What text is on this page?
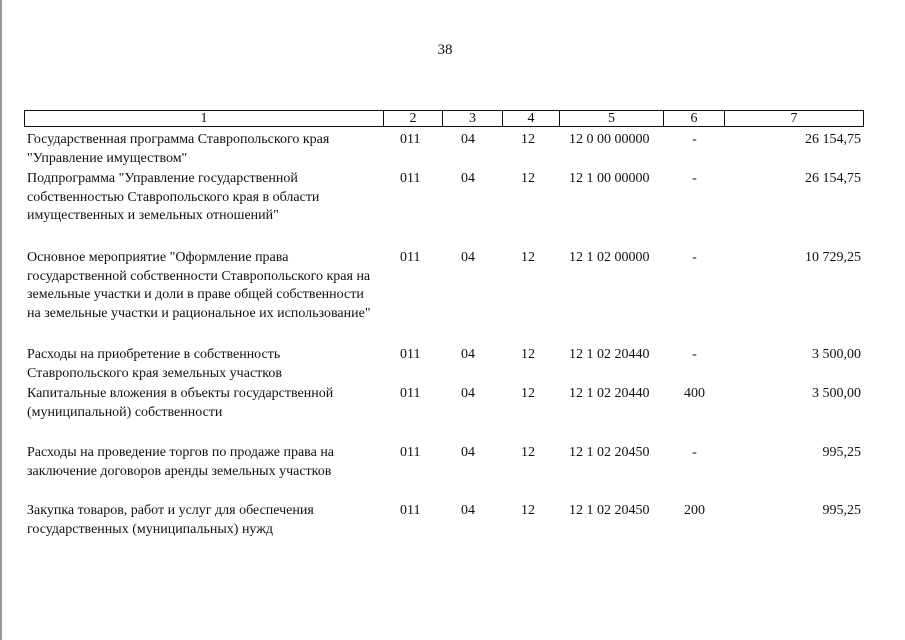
38
1	2	3	4	5	6	7
Государственная программа Ставропольского края "Управление имуществом"
011	04	12	12 0 00 00000	-	26 154,75
Подпрограмма "Управление государственной собственностью Ставропольского края в области имущественных и земельных отношений"
011	04	12	12 1 00 00000	-	26 154,75
Основное мероприятие "Оформление права государственной собственности Ставропольского края на земельные участки и доли в праве общей собственности на земельные участки и рациональное их использование"
011	04	12	12 1 02 00000	-	10 729,25
Расходы на приобретение в собственность Ставропольского края земельных участков
011	04	12	12 1 02 20440	-	3 500,00
Капитальные вложения в объекты государственной (муниципальной) собственности
011	04	12	12 1 02 20440	400	3 500,00
Расходы на проведение торгов по продаже права на заключение договоров аренды земельных участков
011	04	12	12 1 02 20450	-	995,25
Закупка товаров, работ и услуг для обеспечения государственных (муниципальных) нужд
011	04	12	12 1 02 20450	200	995,25
